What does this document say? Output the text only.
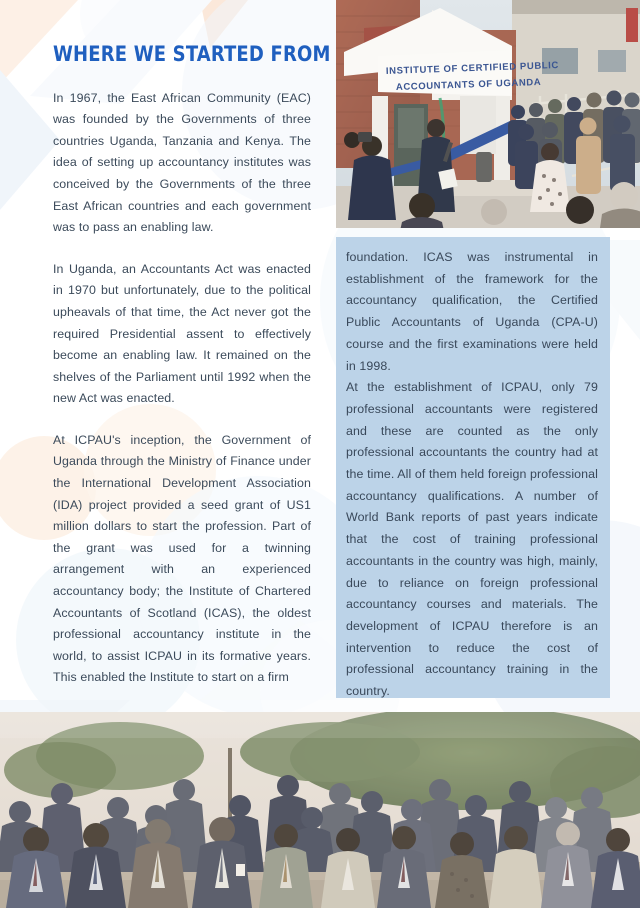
INSTITUTE OF CERTIFIED PUBLIC
ACCOUNTANTS OF UGANDA
WHERE WE STARTED FROM

In 1967, the East African Community (EAC) was founded by the Governments of three countries Uganda, Tanzania and Kenya. The idea of setting up accountancy institutes was conceived by the Governments of the three East African countries and each government was to pass an enabling law.

In Uganda, an Accountants Act was enacted in 1970 but unfortunately, due to the political upheavals of that time, the Act never got the required Presidential assent to effectively become an enabling law. It remained on the shelves of the Parliament until 1992 when the new Act was enacted.

At ICPAU's inception, the Government of Uganda through the Ministry of Finance under the International Development Association (IDA) project provided a seed grant of US1 million dollars to start the profession. Part of the grant was used for a twinning arrangement with an experienced accountancy body; the Institute of Chartered Accountants of Scotland (ICAS), the oldest professional accountancy institute in the world, to assist ICPAU in its formative years. This enabled the Institute to start on a firm

foundation. ICAS was instrumental in establishment of the framework for the accountancy qualification, the Certified Public Accountants of Uganda (CPA-U) course and the first examinations were held in 1998.

At the establishment of ICPAU, only 79 professional accountants were registered and these are counted as the only professional accountants the country had at the time. All of them held foreign professional accountancy qualifications. A number of World Bank reports of past years indicate that the cost of training professional accountants in the country was high, mainly, due to reliance on foreign professional accountancy courses and materials. The development of ICPAU therefore is an intervention to reduce the cost of professional accountancy training in the country.
